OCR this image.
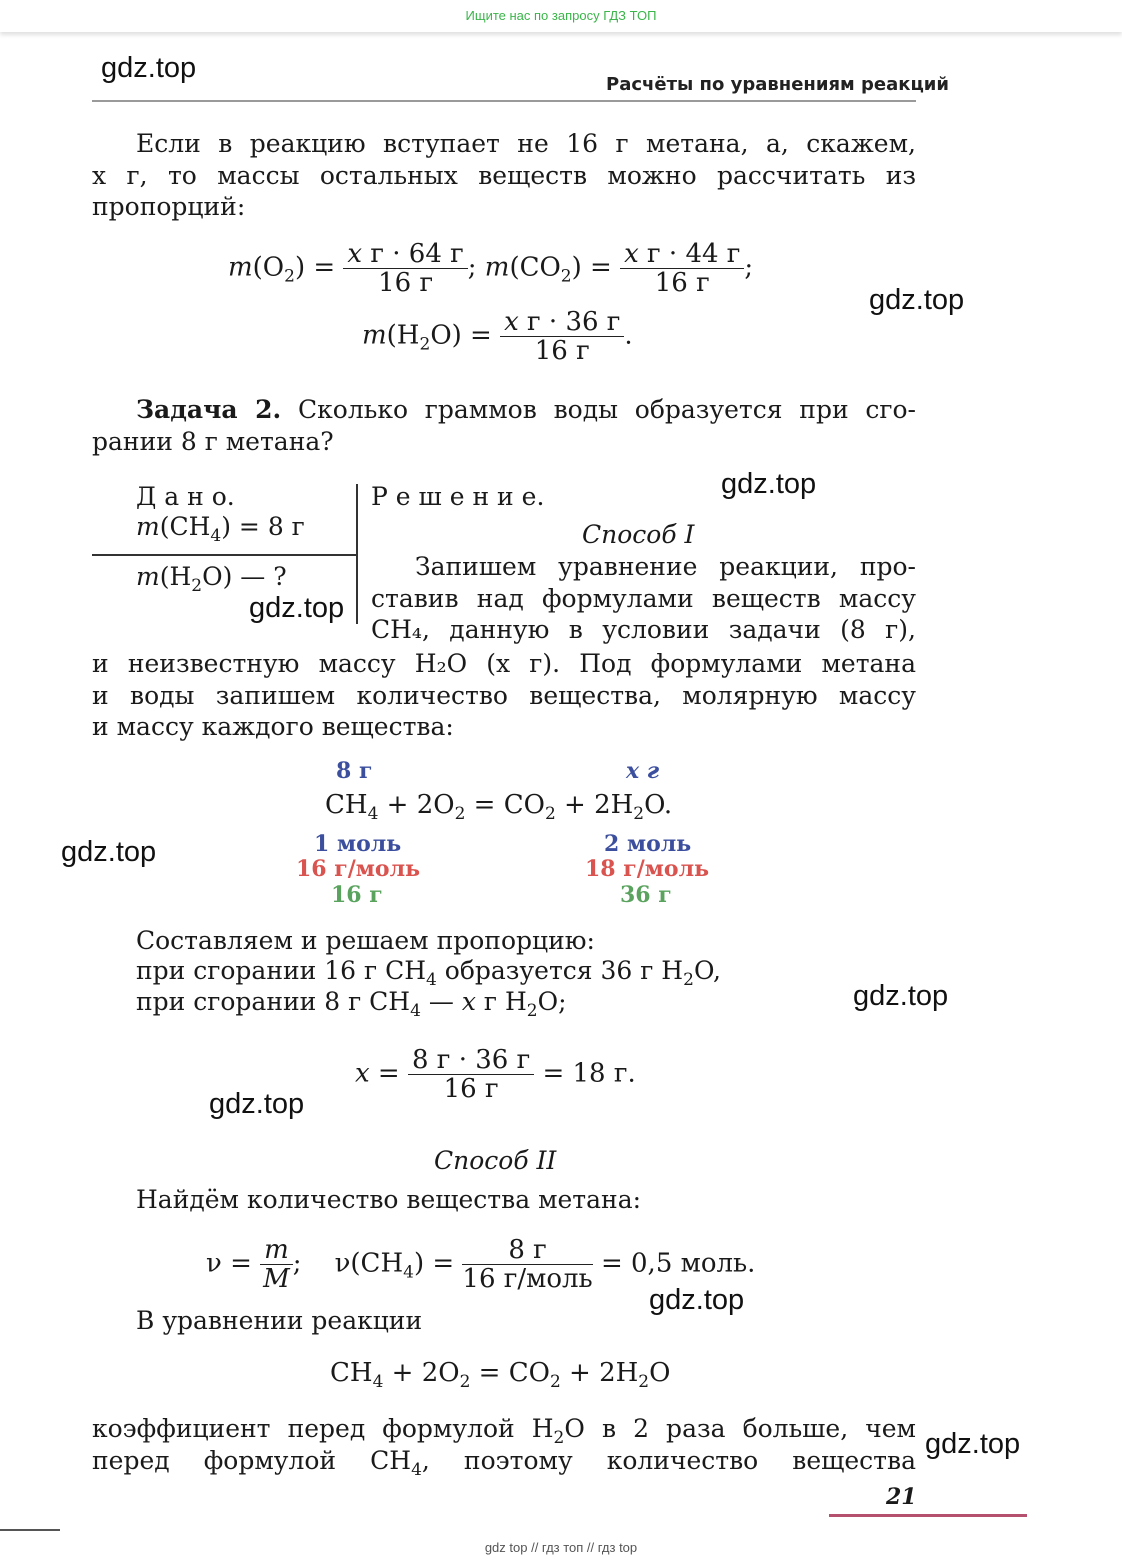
Ищите нас по запросу ГДЗ ТОП
gdz.top
Расчёты по уравнениям реакций
Если в реакцию вступает не 16 г метана, а, скажем,
x г, то массы остальных веществ можно рассчитать из
пропорций:
$m(O_2) = \frac{\text{x г · 64 г}}{16 г}$ ; $m(CO_2) = \frac{\text{x г · 44 г}}{16 г}$ ;
$m(H_2O) = \frac{\text{x г · 36 г}}{16 г}$ .
gdz.top
Задача 2. Сколько граммов воды образуется при сго-
рании 8 г метана?
Д а н о.
$m(CH_4) = 8$ г
$m(H_2O)$ — ?
gdz.top
Р е ш е н и е.	gdz.top
Способ I
Запишем уравнение реакции, про-
ставив над формулами веществ массу
CH₄, данную в условии задачи (8 г),
и неизвестную массу H₂O (x г). Под формулами метана
и воды запишем количество вещества, молярную массу
и массу каждого вещества:
8 г	x г
$CH_4 + 2O_2 = CO_2 + 2H_2O$.
1 моль	2 моль
16 г/моль	18 г/моль
16 г	36 г
gdz.top
Составляем и решаем пропорцию:
при сгорании 16 г $CH_4$ образуется 36 г $H_2O$,
при сгорании 8 г $CH_4$ — x г $H_2O$;	gdz.top
$x = \frac{8 г \cdot 36 г}{16 г} = 18$ г.
gdz.top
Способ II
Найдём количество вещества метана:
$\nu = \frac{m}{M}$ ;    $\nu(CH_4) = \frac{8 г}{\text{16 г/моль}} = 0,5$ моль.
gdz.top
В уравнении реакции
$CH_4 + 2O_2 = CO_2 + 2H_2O$
коэффициент перед формулой $H_2O$ в 2 раза больше, чем
перед формулой $CH_4$, поэтому количество вещества gdz.top
21
gdz top // гдз топ // гдз top
